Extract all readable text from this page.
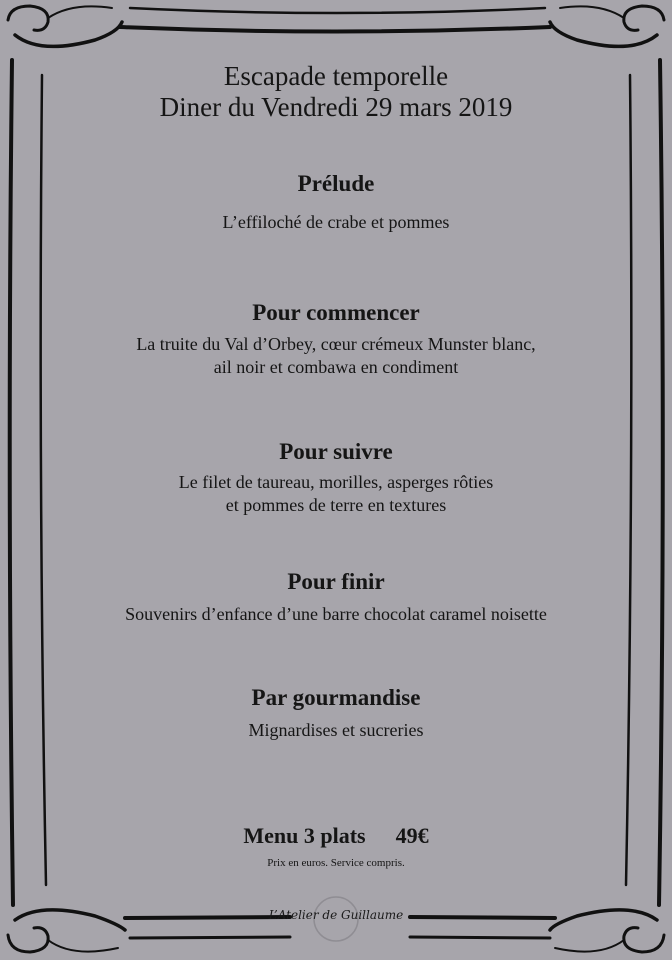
Escapade temporelle
Diner du Vendredi 29 mars 2019
Prélude
L’effiloché de crabe et pommes
Pour commencer
La truite du Val d’Orbey, cœur crémeux Munster blanc,
ail noir et combawa en condiment
Pour suivre
Le filet de taureau, morilles, asperges rôties
et pommes de terre en textures
Pour finir
Souvenirs d’enfance d’une barre chocolat caramel noisette
Par gourmandise
Mignardises et sucreries
Menu 3 plats 49€
Prix en euros. Service compris.
L’Atelier de Guillaume
